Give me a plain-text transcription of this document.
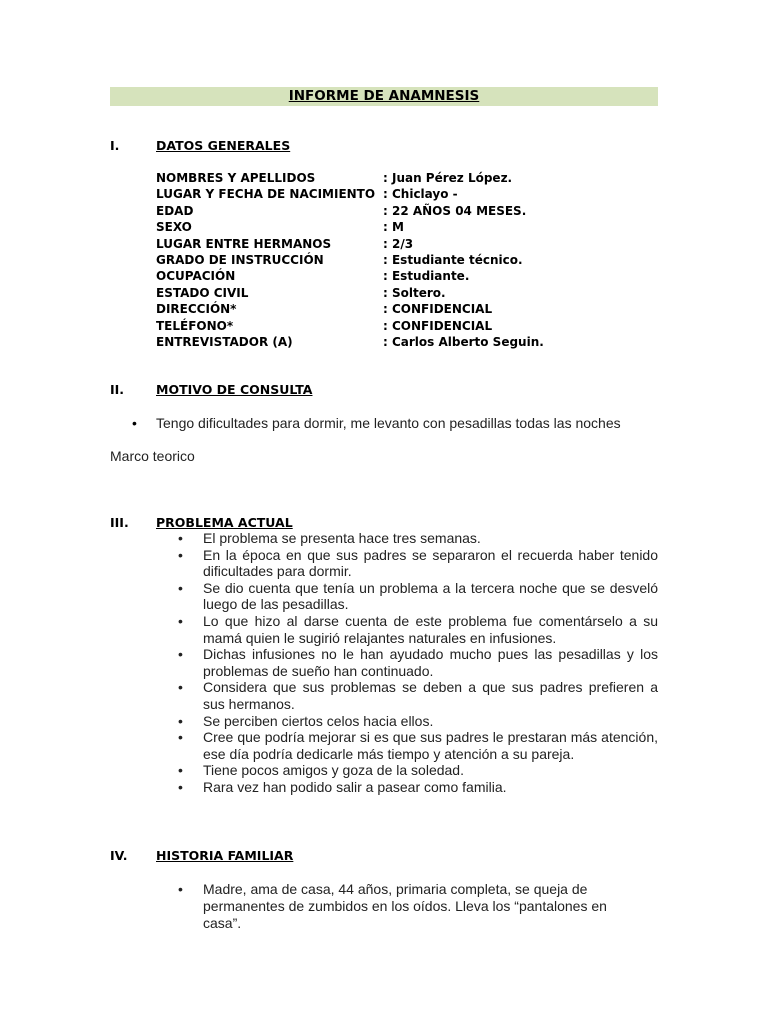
INFORME DE ANAMNESIS
I.	DATOS GENERALES
NOMBRES Y APELLIDOS	: Juan Pérez López.
LUGAR Y FECHA DE NACIMIENTO : Chiclayo -
EDAD	: 22 AÑOS 04 MESES.
SEXO	: M
LUGAR ENTRE HERMANOS	: 2/3
GRADO DE INSTRUCCIÓN	: Estudiante técnico.
OCUPACIÓN	: Estudiante.
ESTADO CIVIL	: Soltero.
DIRECCIÓN*	: CONFIDENCIAL
TELÉFONO*	: CONFIDENCIAL
ENTREVISTADOR (A)	: Carlos Alberto Seguin.
II.	MOTIVO DE CONSULTA
• Tengo dificultades para dormir, me levanto con pesadillas todas las noches
Marco teorico
III. PROBLEMA ACTUAL
• El problema se presenta hace tres semanas.
• En la época en que sus padres se separaron el recuerda haber tenido dificultades para dormir.
• Se dio cuenta que tenía un problema a la tercera noche que se desveló luego de las pesadillas.
• Lo que hizo al darse cuenta de este problema fue comentárselo a su mamá quien le sugirió relajantes naturales en infusiones.
• Dichas infusiones no le han ayudado mucho pues las pesadillas y los problemas de sueño han continuado.
• Considera que sus problemas se deben a que sus padres prefieren a sus hermanos.
• Se perciben ciertos celos hacia ellos.
• Cree que podría mejorar si es que sus padres le prestaran más atención, ese día podría dedicarle más tiempo y atención a su pareja.
• Tiene pocos amigos y goza de la soledad.
• Rara vez han podido salir a pasear como familia.
IV. HISTORIA FAMILIAR
• Madre, ama de casa, 44 años, primaria completa, se queja de permanentes de zumbidos en los oídos. Lleva los “pantalones en casa”.
